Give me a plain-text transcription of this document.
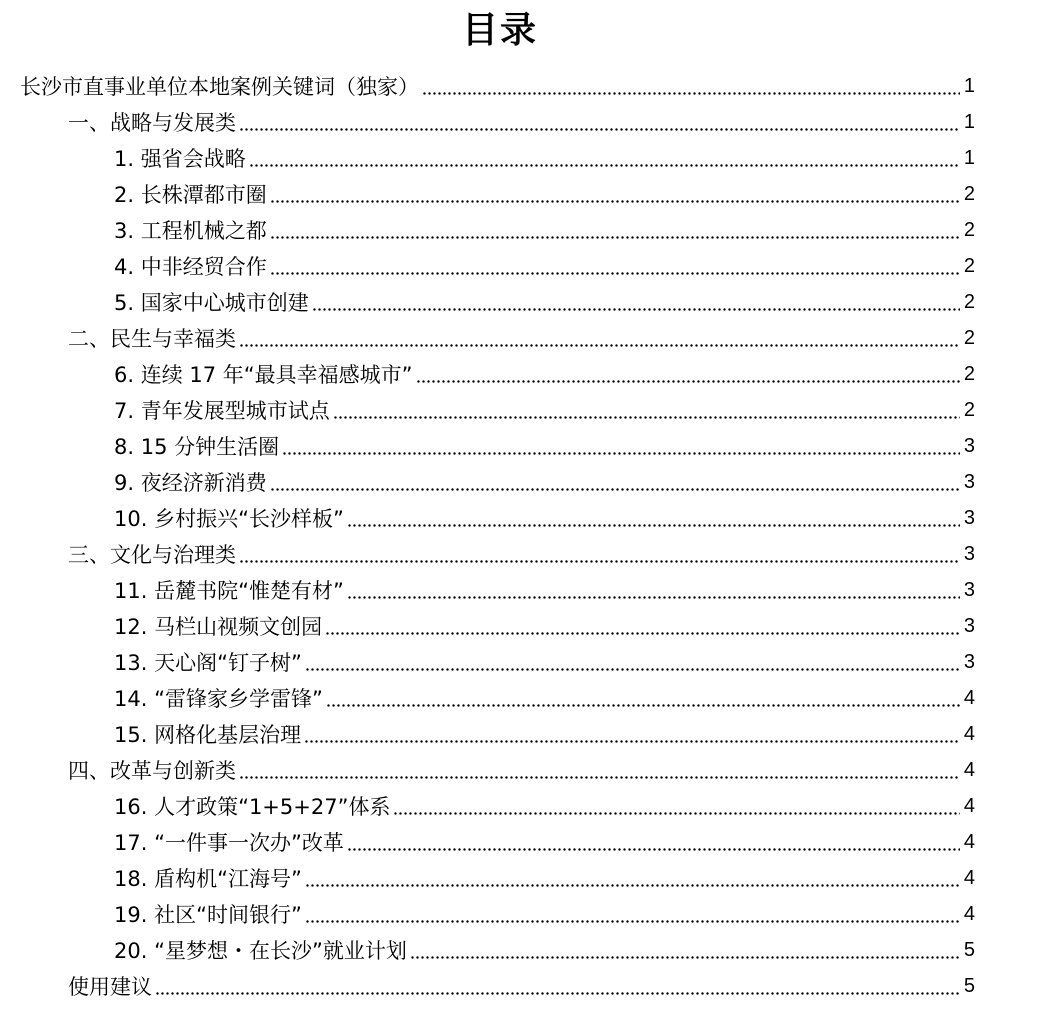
目录
长沙市直事业单位本地案例关键词（独家）	1
一、战略与发展类	1
1. 强省会战略	1
2. 长株潭都市圈	2
3. 工程机械之都	2
4. 中非经贸合作	2
5. 国家中心城市创建	2
二、民生与幸福类	2
6. 连续 17 年“最具幸福感城市”	2
7. 青年发展型城市试点	2
8. 15 分钟生活圈	3
9. 夜经济新消费	3
10. 乡村振兴“长沙样板”	3
三、文化与治理类	3
11. 岳麓书院“惟楚有材”	3
12. 马栏山视频文创园	3
13. 天心阁“钉子树”	3
14. “雷锋家乡学雷锋”	4
15. 网格化基层治理	4
四、改革与创新类	4
16. 人才政策“1+5+27”体系	4
17. “一件事一次办”改革	4
18. 盾构机“江海号”	4
19. 社区“时间银行”	4
20. “星梦想・在长沙”就业计划	5
使用建议	5
